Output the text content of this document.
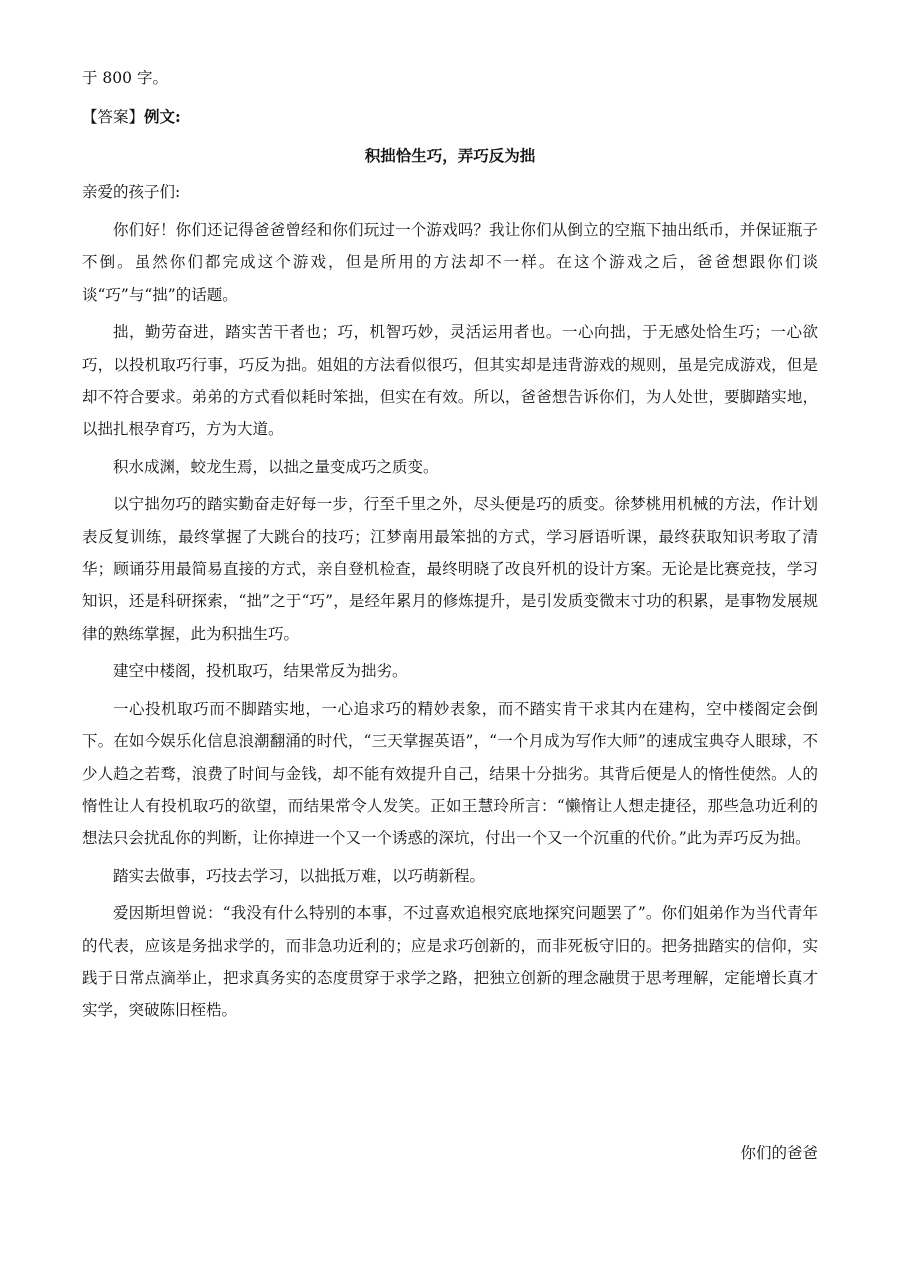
于 800 字。

【答案】例文:

积拙恰生巧，弄巧反为拙

亲爱的孩子们:

你们好！你们还记得爸爸曾经和你们玩过一个游戏吗？我让你们从倒立的空瓶下抽出纸币，并保证瓶子不倒。虽然你们都完成这个游戏，但是所用的方法却不一样。在这个游戏之后，爸爸想跟你们谈谈“巧”与“拙”的话题。

拙，勤劳奋进，踏实苦干者也；巧，机智巧妙，灵活运用者也。一心向拙，于无感处恰生巧；一心欲巧，以投机取巧行事，巧反为拙。姐姐的方法看似很巧，但其实却是违背游戏的规则，虽是完成游戏，但是却不符合要求。弟弟的方式看似耗时笨拙，但实在有效。所以，爸爸想告诉你们，为人处世，要脚踏实地，以拙扎根孕育巧，方为大道。

积水成渊，蛟龙生焉，以拙之量变成巧之质变。

以宁拙勿巧的踏实勤奋走好每一步，行至千里之外，尽头便是巧的质变。徐梦桃用机械的方法，作计划表反复训练，最终掌握了大跳台的技巧；江梦南用最笨拙的方式，学习唇语听课，最终获取知识考取了清华；顾诵芬用最简易直接的方式，亲自登机检查，最终明晓了改良歼机的设计方案。无论是比赛竞技，学习知识，还是科研探索，“拙”之于“巧”，是经年累月的修炼提升，是引发质变微末寸功的积累，是事物发展规律的熟练掌握，此为积拙生巧。

建空中楼阁，投机取巧，结果常反为拙劣。

一心投机取巧而不脚踏实地，一心追求巧的精妙表象，而不踏实肯干求其内在建构，空中楼阁定会倒下。在如今娱乐化信息浪潮翻涌的时代，“三天掌握英语”，“一个月成为写作大师”的速成宝典夺人眼球，不少人趋之若骛，浪费了时间与金钱，却不能有效提升自己，结果十分拙劣。其背后便是人的惰性使然。人的惰性让人有投机取巧的欲望，而结果常令人发笑。正如王慧玲所言：“懒惰让人想走捷径，那些急功近利的想法只会扰乱你的判断，让你掉进一个又一个诱惑的深坑，付出一个又一个沉重的代价。”此为弄巧反为拙。

踏实去做事，巧技去学习，以拙抵万难，以巧萌新程。

爱因斯坦曾说：“我没有什么特别的本事，不过喜欢追根究底地探究问题罢了”。你们姐弟作为当代青年的代表，应该是务拙求学的，而非急功近利的；应是求巧创新的，而非死板守旧的。把务拙踏实的信仰，实践于日常点滴举止，把求真务实的态度贯穿于求学之路，把独立创新的理念融贯于思考理解，定能增长真才实学，突破陈旧桎梏。

你们的爸爸
